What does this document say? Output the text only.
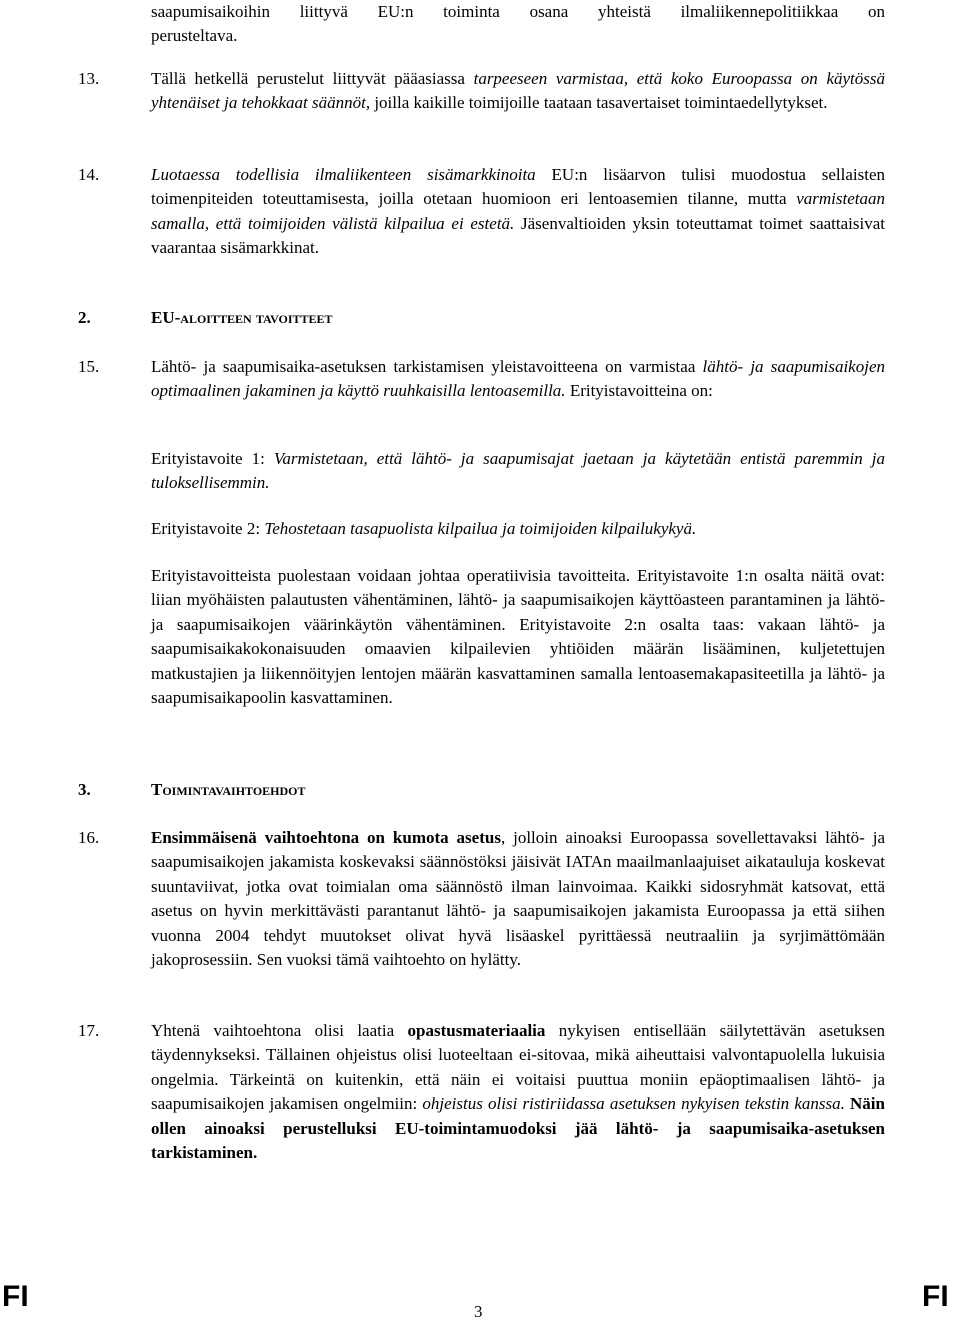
saapumisaikoihin liittyvä EU:n toiminta osana yhteistä ilmaliikennepolitiikkaa on
perusteltava.
13.	Tällä hetkellä perustelut liittyvät pääasiassa tarpeeseen varmistaa, että koko Euroopassa on käytössä yhtenäiset ja tehokkaat säännöt, joilla kaikille toimijoille taataan tasavertaiset toimintaedellytykset.
14.	Luotaessa todellisia ilmaliikenteen sisämarkkinoita EU:n lisäarvon tulisi muodostua sellaisten toimenpiteiden toteuttamisesta, joilla otetaan huomioon eri lentoasemien tilanne, mutta varmistetaan samalla, että toimijoiden välistä kilpailua ei estetä. Jäsenvaltioiden yksin toteuttamat toimet saattaisivat vaarantaa sisämarkkinat.
2.	EU-aloitteen tavoitteet
15.	Lähtö- ja saapumisaika-asetuksen tarkistamisen yleistavoitteena on varmistaa lähtö- ja saapumisaikojen optimaalinen jakaminen ja käyttö ruuhkaisilla lentoasemilla. Erityistavoitteina on:
Erityistavoite 1: Varmistetaan, että lähtö- ja saapumisajat jaetaan ja käytetään entistä paremmin ja tuloksellisemmin.
Erityistavoite 2: Tehostetaan tasapuolista kilpailua ja toimijoiden kilpailukykyä.
Erityistavoitteista puolestaan voidaan johtaa operatiivisia tavoitteita. Erityistavoite 1:n osalta näitä ovat: liian myöhäisten palautusten vähentäminen, lähtö- ja saapumisaikojen käyttöasteen parantaminen ja lähtö- ja saapumisaikojen väärinkäytön vähentäminen. Erityistavoite 2:n osalta taas: vakaan lähtö- ja saapumisaikakokonaisuuden omaavien kilpailevien yhtiöiden määrän lisääminen, kuljetettujen matkustajien ja liikennöityjen lentojen määrän kasvattaminen samalla lentoasemakapasiteetilla ja lähtö- ja saapumisaikapoolin kasvattaminen.
3.	Toimintavaihtoehdot
16.	Ensimmäisenä vaihtoehtona on kumota asetus, jolloin ainoaksi Euroopassa sovellettavaksi lähtö- ja saapumisaikojen jakamista koskevaksi säännöstöksi jäisivät IATAn maailmanlaajuiset aikatauluja koskevat suuntaviivat, jotka ovat toimialan oma säännöstö ilman lainvoimaa. Kaikki sidosryhmät katsovat, että asetus on hyvin merkittävästi parantanut lähtö- ja saapumisaikojen jakamista Euroopassa ja että siihen vuonna 2004 tehdyt muutokset olivat hyvä lisäaskel pyrittäessä neutraaliin ja syrjimättömään jakoprosessiin. Sen vuoksi tämä vaihtoehto on hylätty.
17.	Yhtenä vaihtoehtona olisi laatia opastusmateriaalia nykyisen entisellään säilytettävän asetuksen täydennykseksi. Tällainen ohjeistus olisi luoteeltaan ei-sitovaa, mikä aiheuttaisi valvontapuolella lukuisia ongelmia. Tärkeintä on kuitenkin, että näin ei voitaisi puuttua moniin epäoptimaalisen lähtö- ja saapumisaikojen jakamisen ongelmiin: ohjeistus olisi ristiriidassa asetuksen nykyisen tekstin kanssa. Näin ollen ainoaksi perustelluksi EU-toimintamuodoksi jää lähtö- ja saapumisaika-asetuksen tarkistaminen.
FI	3	FI
